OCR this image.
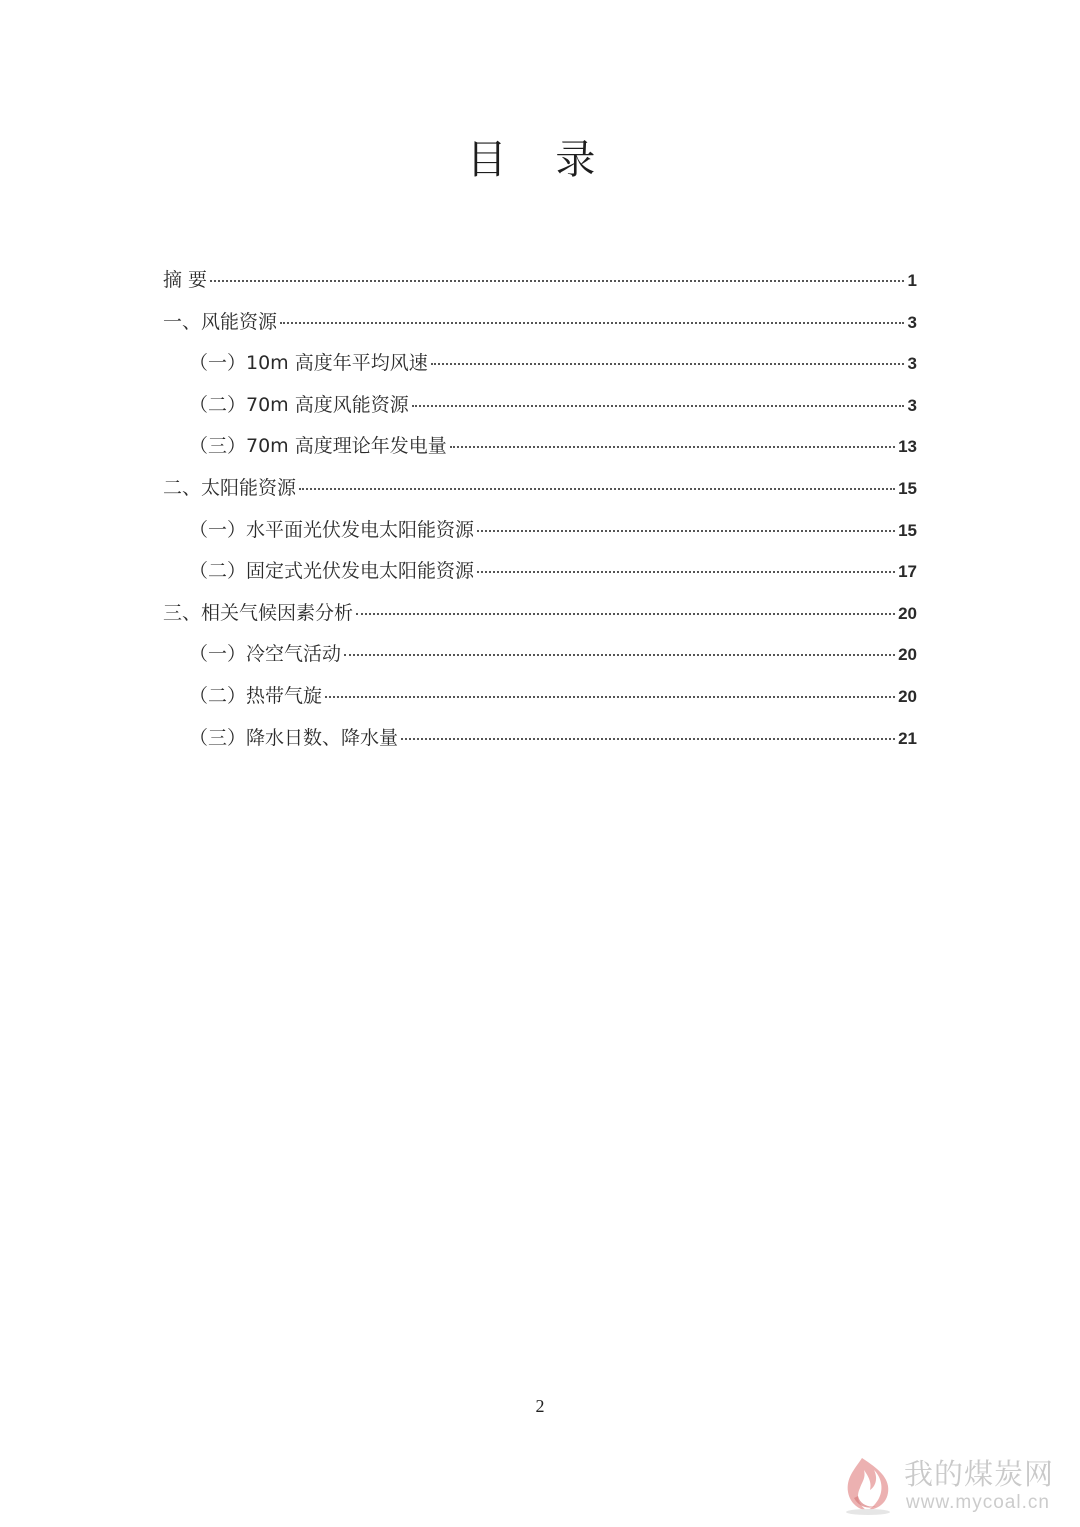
目 录
摘 要	1
一、风能资源	3
（一）10m 高度年平均风速	3
（二）70m 高度风能资源	3
（三）70m 高度理论年发电量	13
二、太阳能资源	15
（一）水平面光伏发电太阳能资源	15
（二）固定式光伏发电太阳能资源	17
三、相关气候因素分析	20
（一）冷空气活动	20
（二）热带气旋	20
（三）降水日数、降水量	21
2
我的煤炭网
www.mycoal.cn
